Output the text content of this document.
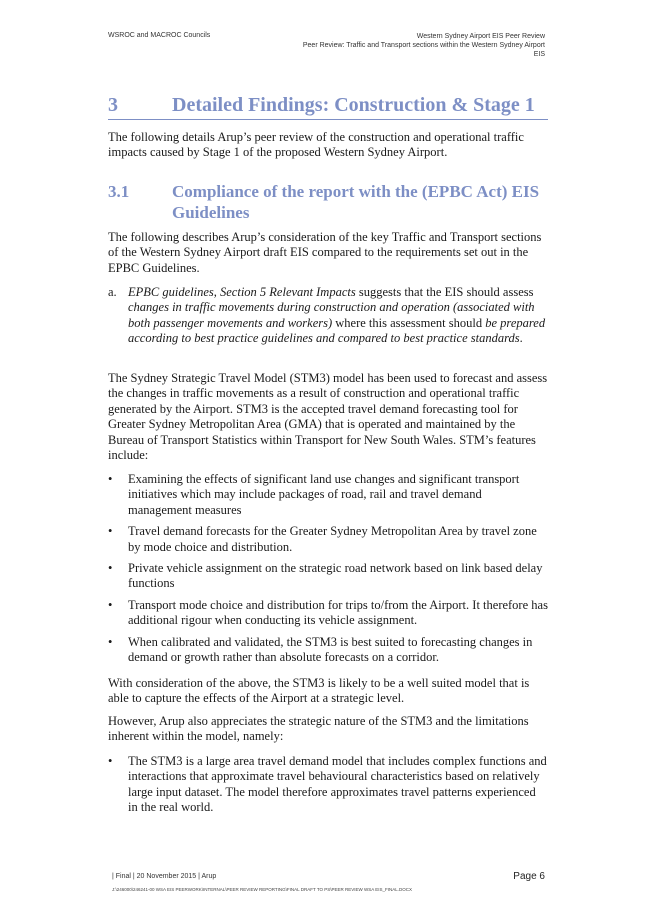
WSROC and MACROC Councils	Western Sydney Airport EIS Peer Review
Peer Review: Traffic and Transport sections within the Western Sydney Airport
EIS
3	Detailed Findings: Construction & Stage 1

The following details Arup’s peer review of the construction and operational traffic impacts caused by Stage 1 of the proposed Western Sydney Airport.

3.1	Compliance of the report with the (EPBC Act) EIS Guidelines

The following describes Arup’s consideration of the key Traffic and Transport sections of the Western Sydney Airport draft EIS compared to the requirements set out in the EPBC Guidelines.

a. EPBC guidelines, Section 5 Relevant Impacts suggests that the EIS should assess changes in traffic movements during construction and operation (associated with both passenger movements and workers) where this assessment should be prepared according to best practice guidelines and compared to best practice standards.

The Sydney Strategic Travel Model (STM3) model has been used to forecast and assess the changes in traffic movements as a result of construction and operational traffic generated by the Airport. STM3 is the accepted travel demand forecasting tool for Greater Sydney Metropolitan Area (GMA) that is operated and maintained by the Bureau of Transport Statistics within Transport for New South Wales. STM’s features include:

• Examining the effects of significant land use changes and significant transport initiatives which may include packages of road, rail and travel demand management measures
• Travel demand forecasts for the Greater Sydney Metropolitan Area by travel zone by mode choice and distribution.
• Private vehicle assignment on the strategic road network based on link based delay functions
• Transport mode choice and distribution for trips to/from the Airport. It therefore has additional rigour when conducting its vehicle assignment.
• When calibrated and validated, the STM3 is best suited to forecasting changes in demand or growth rather than absolute forecasts on a corridor.

With consideration of the above, the STM3 is likely to be a well suited model that is able to capture the effects of the Airport at a strategic level.

However, Arup also appreciates the strategic nature of the STM3 and the limitations inherent within the model, namely:

• The STM3 is a large area travel demand model that includes complex functions and interactions that approximate travel behavioural characteristics based on relatively large input dataset. The model therefore approximates travel patterns experienced in the real world.
| Final | 20 November 2015 | Arup	Page 6
J:\246000\246241-00 WSA EIS PEERWORK\INTERNAL\PEER REVIEW REPORTING\FINAL DRAFT TO PS\PEER REVIEW WSA EIS_FINAL.DOCX
